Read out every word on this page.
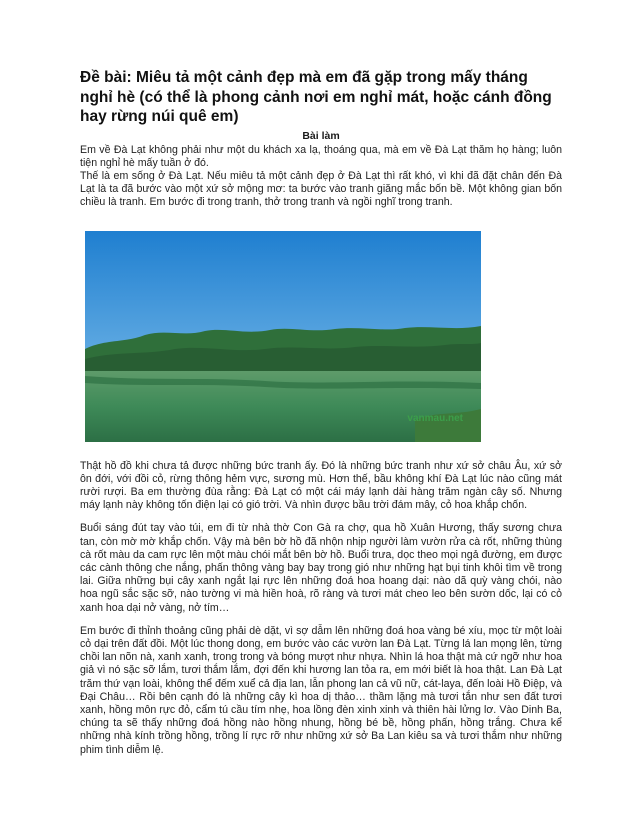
Đề bài: Miêu tả một cảnh đẹp mà em đã gặp trong mấy tháng nghỉ hè (có thể là phong cảnh nơi em nghỉ mát, hoặc cánh đồng hay rừng núi quê em)
Bài làm

Em về Đà Lạt không phải như một du khách xa lạ, thoáng qua, mà em về Đà Lạt thăm họ hàng; luôn tiện nghỉ hè mấy tuần ở đó.

Thế là em sống ở Đà Lạt. Nếu miêu tả một cảnh đẹp ở Đà Lạt thì rất khó, vì khi đã đặt chân đến Đà Lạt là ta đã bước vào một xứ sở mộng mơ: ta bước vào tranh giăng mắc bốn bề. Một không gian bốn chiều là tranh. Em bước đi trong tranh, thở trong tranh và ngồi nghĩ trong tranh.

vanmau.net

Thật hồ đồ khi chưa tả được những bức tranh ấy. Đó là những bức tranh như xứ sở châu Âu, xứ sở ôn đới, với đồi cỏ, rừng thông hẻm vực, sương mù. Hơn thế, bầu không khí Đà Lạt lúc nào cũng mát rười rượi. Ba em thường đùa rằng: Đà Lạt có một cái máy lạnh dài hàng trăm ngàn cây số. Nhưng máy lạnh này không tốn điện lại có gió trời. Và nhìn được bầu trời đám mây, cỏ hoa khắp chốn.

Buổi sáng đút tay vào túi, em đi từ nhà thờ Con Gà ra chợ, qua hồ Xuân Hương, thấy sương chưa tan, còn mờ mờ khắp chốn. Vậy mà bên bờ hồ đã nhộn nhịp người làm vườn rửa cà rốt, những thùng cà rốt màu da cam rực lên một màu chói mắt bên bờ hồ. Buổi trưa, dọc theo mọi ngả đường, em được các cành thông che nắng, phấn thông vàng bay bay trong gió như những hạt bụi tinh khôi tìm về trong lai. Giữa những bụi cây xanh ngắt lại rực lên những đoá hoa hoang dại: nào dã quỳ vàng chói, nào hoa ngũ sắc sặc sỡ, nào tường vi mà hiền hoà, rõ ràng và tươi mát cheo leo bên sườn dốc, lại có cỏ xanh hoa dại nở vàng, nở tím…

Em bước đi thỉnh thoảng cũng phải dè dặt, vì sợ dẫm lên những đoá hoa vàng bé xíu, mọc từ một loài cỏ dại trên đất đồi. Một lúc thong dong, em bước vào các vườn lan Đà Lạt. Từng lá lan mọng lên, từng chồi lan nõn nà, xanh xanh, trong trong và bóng mượt như nhựa. Nhìn lá hoa thật mà cứ ngỡ như hoa giả vì nó sặc sỡ lắm, tươi thắm lắm, đợi đến khi hương lan tỏa ra, em mới biết là hoa thật. Lan Đà Lạt trăm thứ vạn loài, không thể đếm xuể cả địa lan, lẫn phong lan cả vũ nữ, cát-laya, đến loài Hồ Điệp, và Đại Châu… Rồi bên cạnh đó là những cây kì hoa dị thảo… thầm lặng mà tươi tắn như sen đất tươi xanh, hồng môn rực đỏ, cẩm tú cầu tím nhẹ, hoa lồng đèn xinh xinh và thiên hài lửng lơ. Vào Dinh Ba, chúng ta sẽ thấy những đoá hồng nào hồng nhung, hồng bé bề, hồng phấn, hồng trắng. Chưa kể những nhà kính trồng hồng, trồng lí rực rỡ như những xứ sở Ba Lan kiêu sa và tươi thắm như những phim tình diễm lệ.
